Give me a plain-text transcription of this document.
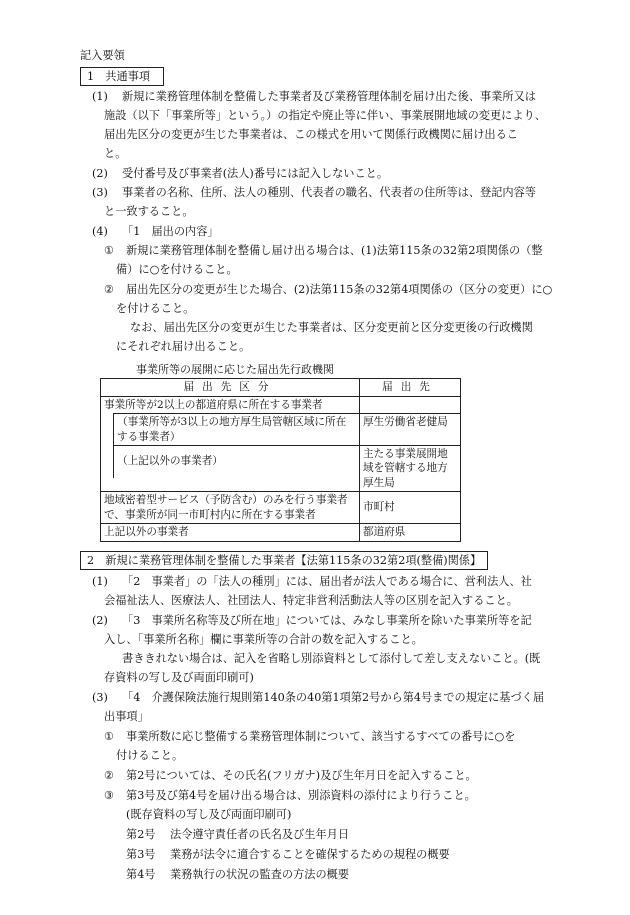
記入要領
1　共通事項
(1) 新規に業務管理体制を整備した事業者及び業務管理体制を届け出た後、事業所又は
施設（以下「事業所等」という。）の指定や廃止等に伴い、事業展開地域の変更により、
届出先区分の変更が生じた事業者は、この様式を用いて関係行政機関に届け出るこ
と。
(2) 受付番号及び事業者(法人)番号には記入しないこと。
(3) 事業者の名称、住所、法人の種別、代表者の職名、代表者の住所等は、登記内容等
と一致すること。
(4) 「1　届出の内容」
① 新規に業務管理体制を整備し届け出る場合は、(1)法第115条の32第2項関係の（整
備）に○を付けること。
② 届出先区分の変更が生じた場合、(2)法第115条の32第4項関係の（区分の変更）に○
を付けること。
なお、届出先区分の変更が生じた事業者は、区分変更前と区分変更後の行政機関
にそれぞれ届け出ること。
事業所等の展開に応じた届出先行政機関
届出先区分	届出先
事業所等が2以上の都道府県に所在する事業者	

（事業所等が3以上の地方厚生局管轄区域に所在する事業者）	厚生労働省老健局

（上記以外の事業者）	主たる事業展開地域を管轄する地方厚生局
地域密着型サービス（予防含む）のみを行う事業者で、事業所が同一市町村内に所在する事業者	市町村
上記以外の事業者	都道府県
2　新規に業務管理体制を整備した事業者【法第115条の32第2項(整備)関係】
(1) 「2　事業者」の「法人の種別」には、届出者が法人である場合に、営利法人、社
会福祉法人、医療法人、社団法人、特定非営利活動法人等の区別を記入すること。
(2) 「3　事業所名称等及び所在地」については、みなし事業所を除いた事業所等を記
入し、「事業所名称」欄に事業所等の合計の数を記入すること。
書ききれない場合は、記入を省略し別添資料として添付して差し支えないこと。(既
存資料の写し及び両面印刷可)
(3) 「4　介護保険法施行規則第140条の40第1項第2号から第4号までの規定に基づく届
出事項」
① 事業所数に応じ整備する業務管理体制について、該当するすべての番号に○を
付けること。
② 第2号については、その氏名(フリガナ)及び生年月日を記入すること。
③ 第3号及び第4号を届け出る場合は、別添資料の添付により行うこと。
(既存資料の写し及び両面印刷可)
第2号 法令遵守責任者の氏名及び生年月日
第3号 業務が法令に適合することを確保するための規程の概要
第4号 業務執行の状況の監査の方法の概要
